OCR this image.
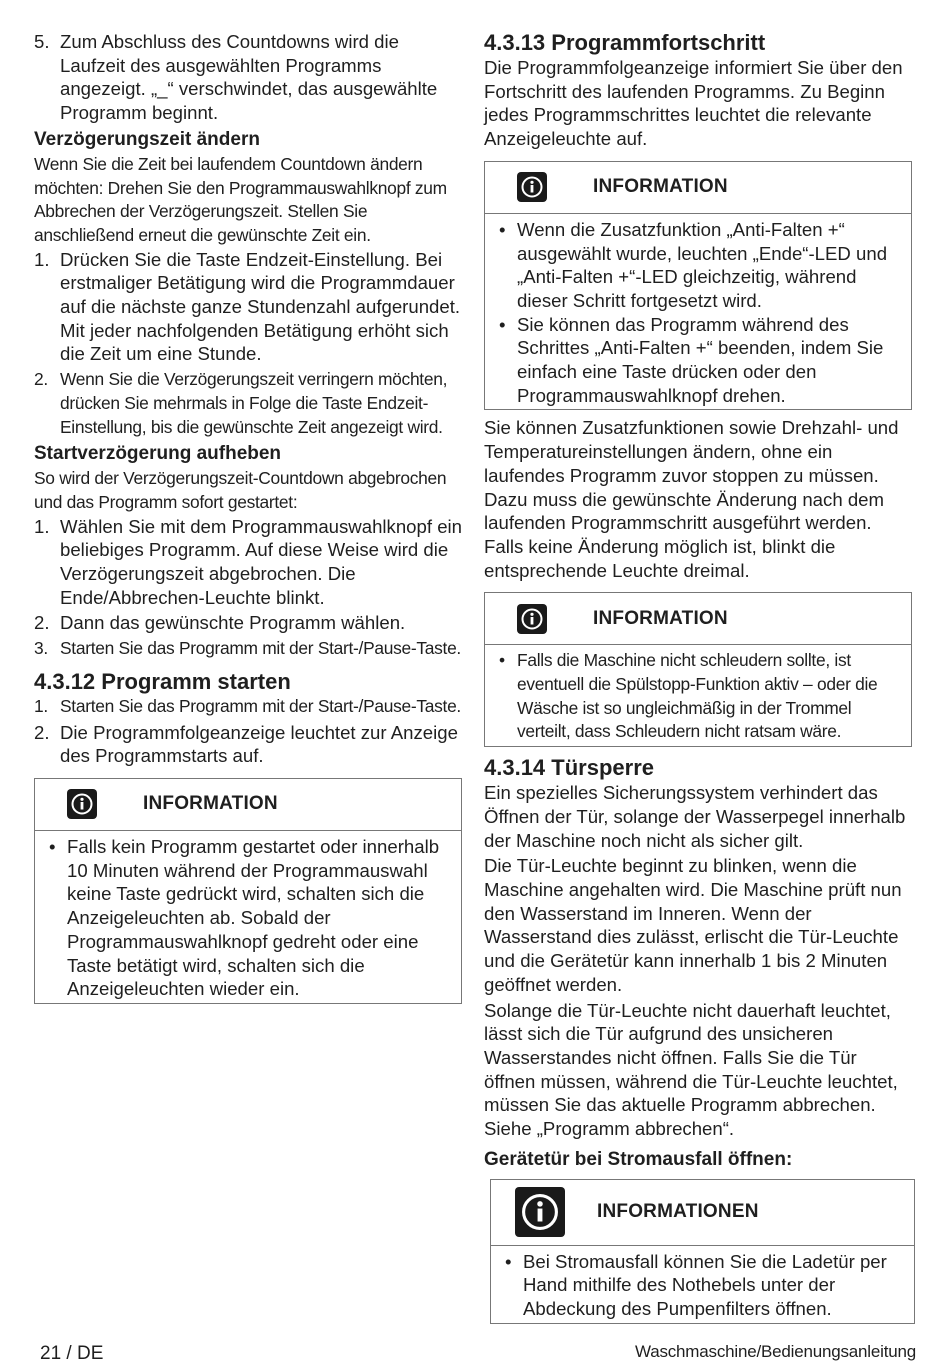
5. Zum Abschluss des Countdowns wird die Laufzeit des ausgewählten Programms angezeigt. „_“ verschwindet, das ausgewählte Programm beginnt.
Verzögerungszeit ändern
Wenn Sie die Zeit bei laufendem Countdown ändern möchten: Drehen Sie den Programmauswahlknopf zum Abbrechen der Verzögerungszeit. Stellen Sie anschließend erneut die gewünschte Zeit ein.
1. Drücken Sie die Taste Endzeit-Einstellung. Bei erstmaliger Betätigung wird die Programmdauer auf die nächste ganze Stundenzahl aufgerundet. Mit jeder nachfolgenden Betätigung erhöht sich die Zeit um eine Stunde.
2. Wenn Sie die Verzögerungszeit verringern möchten, drücken Sie mehrmals in Folge die Taste Endzeit-Einstellung, bis die gewünschte Zeit angezeigt wird.
Startverzögerung aufheben
So wird der Verzögerungszeit-Countdown abgebrochen und das Programm sofort gestartet:
1. Wählen Sie mit dem Programmauswahlknopf ein beliebiges Programm. Auf diese Weise wird die Verzögerungszeit abgebrochen. Die Ende/Abbrechen-Leuchte blinkt.
2. Dann das gewünschte Programm wählen.
3. Starten Sie das Programm mit der Start-/Pause-Taste.
4.3.12 Programm starten
1. Starten Sie das Programm mit der Start-/Pause-Taste.
2. Die Programmfolgeanzeige leuchtet zur Anzeige des Programmstarts auf.
INFORMATION
• Falls kein Programm gestartet oder innerhalb 10 Minuten während der Programmauswahl keine Taste gedrückt wird, schalten sich die Anzeigeleuchten ab. Sobald der Programmauswahlknopf gedreht oder eine Taste betätigt wird, schalten sich die Anzeigeleuchten wieder ein.
4.3.13 Programmfortschritt
Die Programmfolgeanzeige informiert Sie über den Fortschritt des laufenden Programms. Zu Beginn jedes Programmschrittes leuchtet die relevante Anzeigeleuchte auf.
INFORMATION
• Wenn die Zusatzfunktion „Anti-Falten +“ ausgewählt wurde, leuchten „Ende“-LED und „Anti-Falten +“-LED gleichzeitig, während dieser Schritt fortgesetzt wird.
• Sie können das Programm während des Schrittes „Anti-Falten +“ beenden, indem Sie einfach eine Taste drücken oder den Programmauswahlknopf drehen.
Sie können Zusatzfunktionen sowie Drehzahl- und Temperatureinstellungen ändern, ohne ein laufendes Programm zuvor stoppen zu müssen. Dazu muss die gewünschte Änderung nach dem laufenden Programmschritt ausgeführt werden. Falls keine Änderung möglich ist, blinkt die entsprechende Leuchte dreimal.
INFORMATION
• Falls die Maschine nicht schleudern sollte, ist eventuell die Spülstopp-Funktion aktiv – oder die Wäsche ist so ungleichmäßig in der Trommel verteilt, dass Schleudern nicht ratsam wäre.
4.3.14 Türsperre
Ein spezielles Sicherungssystem verhindert das Öffnen der Tür, solange der Wasserpegel innerhalb der Maschine noch nicht als sicher gilt.
Die Tür-Leuchte beginnt zu blinken, wenn die Maschine angehalten wird. Die Maschine prüft nun den Wasserstand im Inneren. Wenn der Wasserstand dies zulässt, erlischt die Tür-Leuchte und die Gerätetür kann innerhalb 1 bis 2 Minuten geöffnet werden.
Solange die Tür-Leuchte nicht dauerhaft leuchtet, lässt sich die Tür aufgrund des unsicheren Wasserstandes nicht öffnen. Falls Sie die Tür öffnen müssen, während die Tür-Leuchte leuchtet, müssen Sie das aktuelle Programm abbrechen. Siehe „Programm abbrechen“.
Gerätetür bei Stromausfall öffnen:
INFORMATIONEN
• Bei Stromausfall können Sie die Ladetür per Hand mithilfe des Nothebels unter der Abdeckung des Pumpenfilters öffnen.
21 / DE	Waschmaschine/Bedienungsanleitung
